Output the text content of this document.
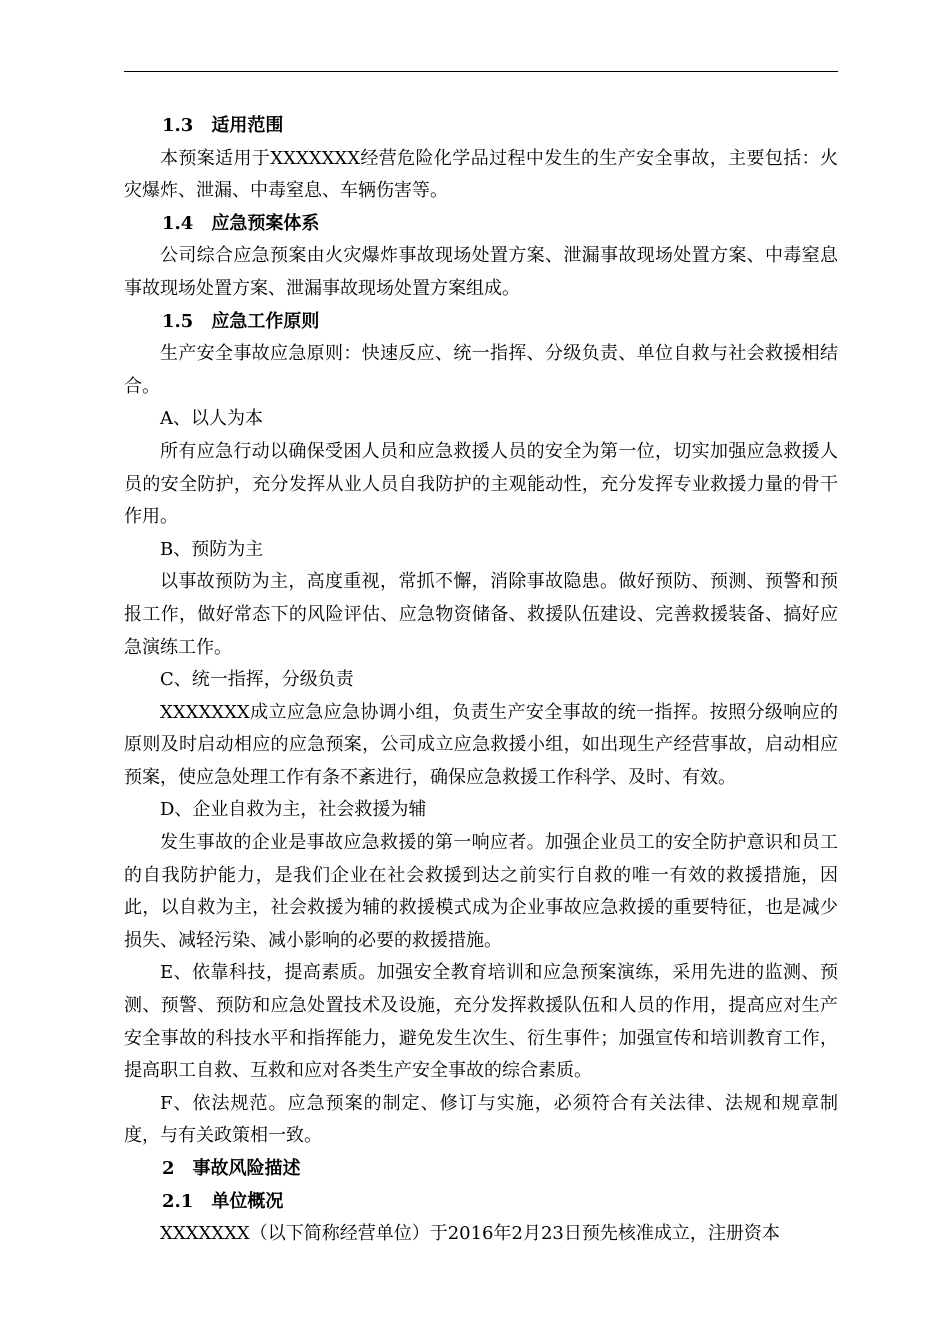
1.3　适用范围

本预案适用于XXXXXXX经营危险化学品过程中发生的生产安全事故，主要包括：火灾爆炸、泄漏、中毒窒息、车辆伤害等。

1.4　应急预案体系

公司综合应急预案由火灾爆炸事故现场处置方案、泄漏事故现场处置方案、中毒窒息事故现场处置方案、泄漏事故现场处置方案组成。

1.5　应急工作原则

生产安全事故应急原则：快速反应、统一指挥、分级负责、单位自救与社会救援相结合。

A、以人为本

所有应急行动以确保受困人员和应急救援人员的安全为第一位，切实加强应急救援人员的安全防护，充分发挥从业人员自我防护的主观能动性，充分发挥专业救援力量的骨干作用。

B、预防为主

以事故预防为主，高度重视，常抓不懈，消除事故隐患。做好预防、预测、预警和预报工作，做好常态下的风险评估、应急物资储备、救援队伍建设、完善救援装备、搞好应急演练工作。

C、统一指挥，分级负责

XXXXXXX成立应急应急协调小组，负责生产安全事故的统一指挥。按照分级响应的原则及时启动相应的应急预案，公司成立应急救援小组，如出现生产经营事故，启动相应预案，使应急处理工作有条不紊进行，确保应急救援工作科学、及时、有效。

D、企业自救为主，社会救援为辅

发生事故的企业是事故应急救援的第一响应者。加强企业员工的安全防护意识和员工的自我防护能力，是我们企业在社会救援到达之前实行自救的唯一有效的救援措施，因此，以自救为主，社会救援为辅的救援模式成为企业事故应急救援的重要特征，也是减少损失、减轻污染、减小影响的必要的救援措施。

E、依靠科技，提高素质。加强安全教育培训和应急预案演练，采用先进的监测、预测、预警、预防和应急处置技术及设施，充分发挥救援队伍和人员的作用，提高应对生产安全事故的科技水平和指挥能力，避免发生次生、衍生事件；加强宣传和培训教育工作，提高职工自救、互救和应对各类生产安全事故的综合素质。

F、依法规范。应急预案的制定、修订与实施，必须符合有关法律、法规和规章制度，与有关政策相一致。

2　事故风险描述

2.1　单位概况

XXXXXXX（以下简称经营单位）于2016年2月23日预先核准成立，注册资本
